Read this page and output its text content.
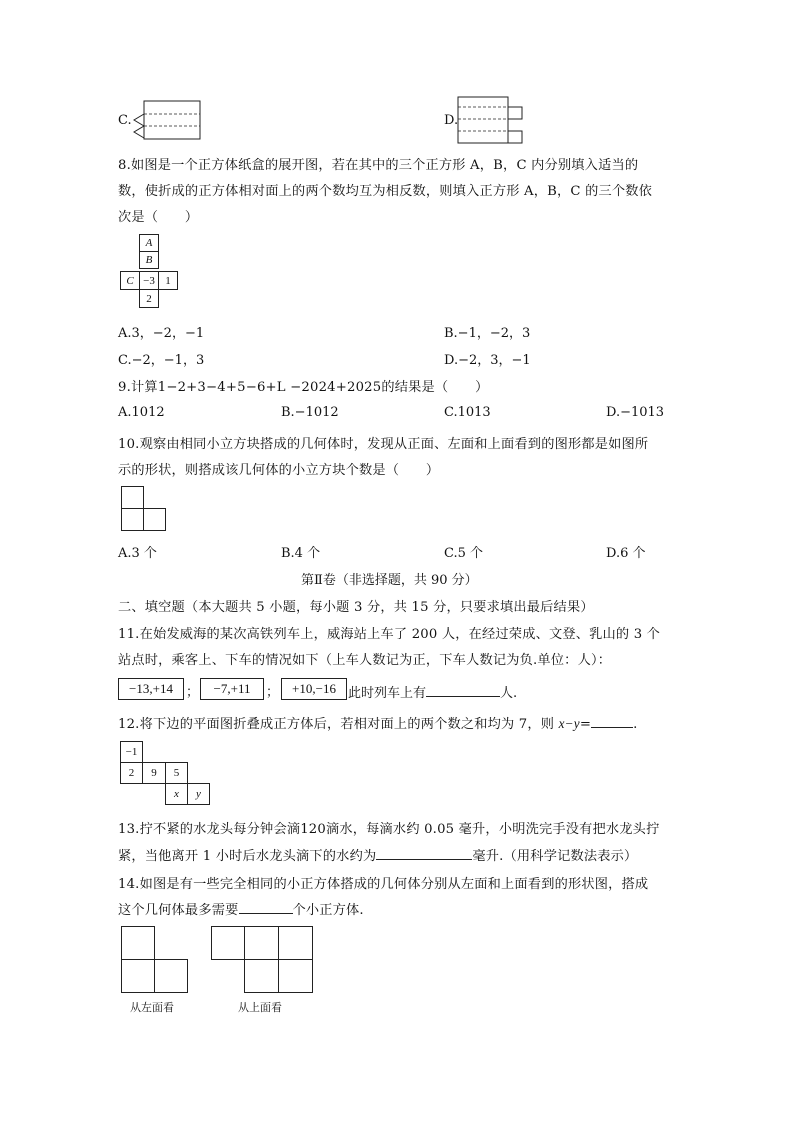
C.	D.
8.如图是一个正方体纸盒的展开图，若在其中的三个正方形 A，B，C 内分别填入适当的
数，使折成的正方体相对面上的两个数均互为相反数，则填入正方形 A，B，C 的三个数依
次是（　　）
A
B
C −3 1
2
A.3，−2，−1	B.−1，−2，3
C.−2，−1，3	D.−2，3，−1
9.计算1−2+3−4+5−6+L −2024+2025的结果是（　　）
A.1012	B.−1012	C.1013	D.−1013
10.观察由相同小立方块搭成的几何体时，发现从正面、左面和上面看到的图形都是如图所
示的形状，则搭成该几何体的小立方块个数是（　　）
A.3 个	B.4 个	C.5 个	D.6 个
第Ⅱ卷（非选择题，共 90 分）
二、填空题（本大题共 5 小题，每小题 3 分，共 15 分，只要求填出最后结果）
11.在始发威海的某次高铁列车上，威海站上车了 200 人，在经过荣成、文登、乳山的 3 个
站点时，乘客上、下车的情况如下（上车人数记为正，下车人数记为负.单位：人）：
−13,+14	；	−7,+11	；	+10,−16 此时列车上有	人.
12.将下边的平面图折叠成正方体后，若相对面上的两个数之和均为 7，则 x−y=	.
−1
2	9	5
x	y
13.拧不紧的水龙头每分钟会滴120滴水，每滴水约 0.05 毫升，小明洗完手没有把水龙头拧
紧，当他离开 1 小时后水龙头滴下的水约为	毫升.（用科学记数法表示）
14.如图是有一些完全相同的小正方体搭成的几何体分别从左面和上面看到的形状图，搭成
这个几何体最多需要	个小正方体.
从左面看	从上面看
